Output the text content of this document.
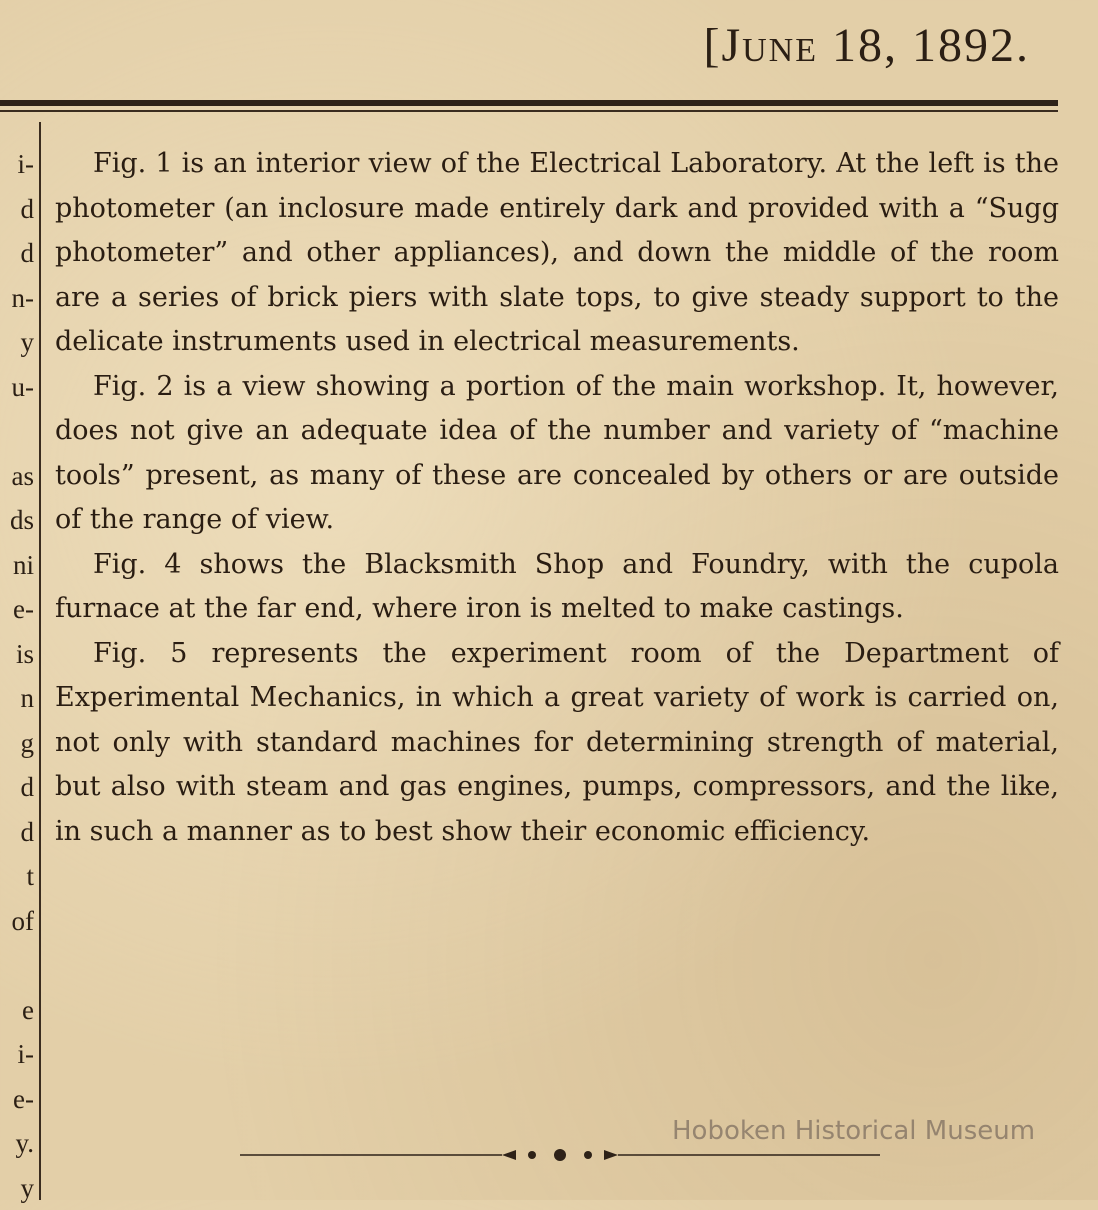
[June 18, 1892.
i-
d
d
n-
y
u-
as
ds
ni
e-
is
n
g
d
d
t
of
e
i-
e-
y.
y

Fig. 1 is an interior view of the Electrical Laboratory. At the left is the photometer (an inclosure made entirely dark and provided with a “Sugg photometer” and other appliances), and down the middle of the room are a series of brick piers with slate tops, to give steady support to the delicate instruments used in electrical measurements.

Fig. 2 is a view showing a portion of the main workshop. It, however, does not give an adequate idea of the number and variety of “machine tools” present, as many of these are concealed by others or are outside of the range of view.

Fig. 4 shows the Blacksmith Shop and Foundry, with the cupola furnace at the far end, where iron is melted to make castings.

Fig. 5 represents the experiment room of the Department of Experimental Mechanics, in which a great variety of work is carried on, not only with standard machines for determining strength of material, but also with steam and gas engines, pumps, compressors, and the like, in such a manner as to best show their economic efficiency.

Hoboken Historical Museum
